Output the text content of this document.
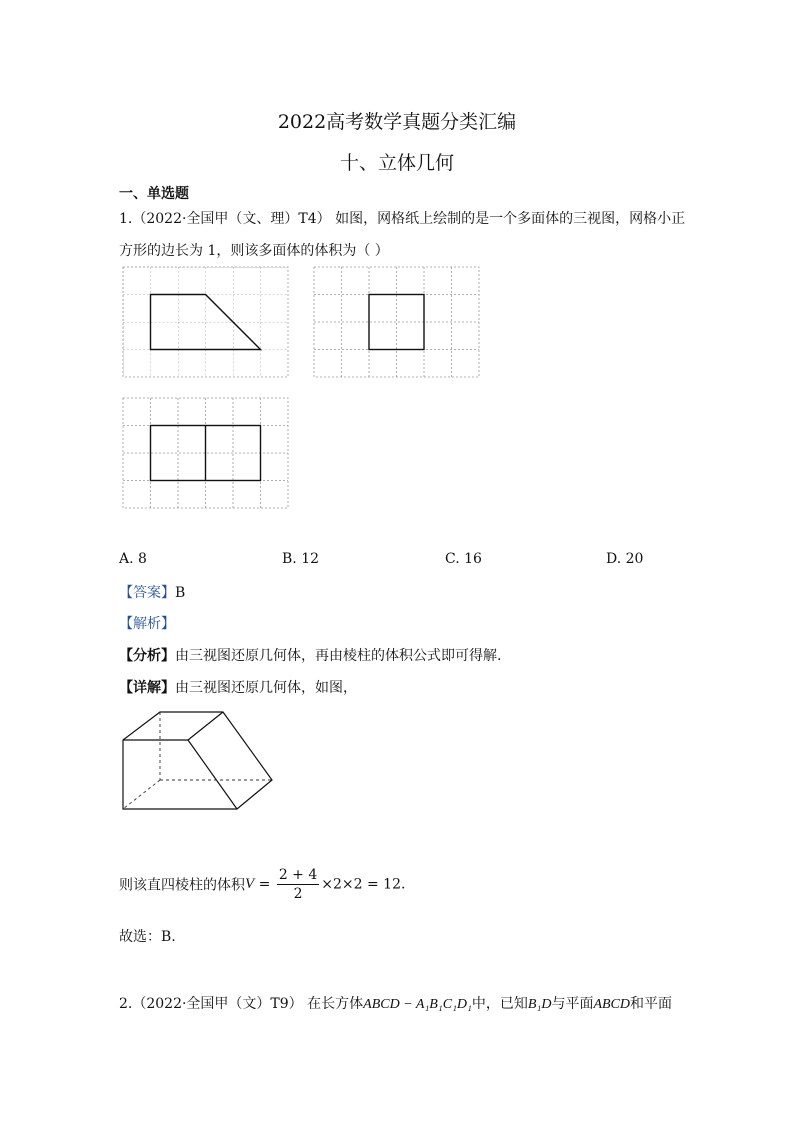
2022高考数学真题分类汇编
十、立体几何
一、单选题
1.（2022·全国甲（文、理）T4） 如图，网格纸上绘制的是一个多面体的三视图，网格小正
方形的边长为 1，则该多面体的体积为（ ）
A. 8	B. 12	C. 16	D. 20
【答案】B
【解析】
【分析】由三视图还原几何体，再由棱柱的体积公式即可得解.
【详解】由三视图还原几何体，如图，
则该直四棱柱的体积$V = \frac{2 + 4}{2} \times 2\times 2 = 12$.
故选：B.
2.（2022·全国甲（文）T9） 在长方体ABCD − A₁B₁C₁D₁中，已知B₁D与平面ABCD和平面
